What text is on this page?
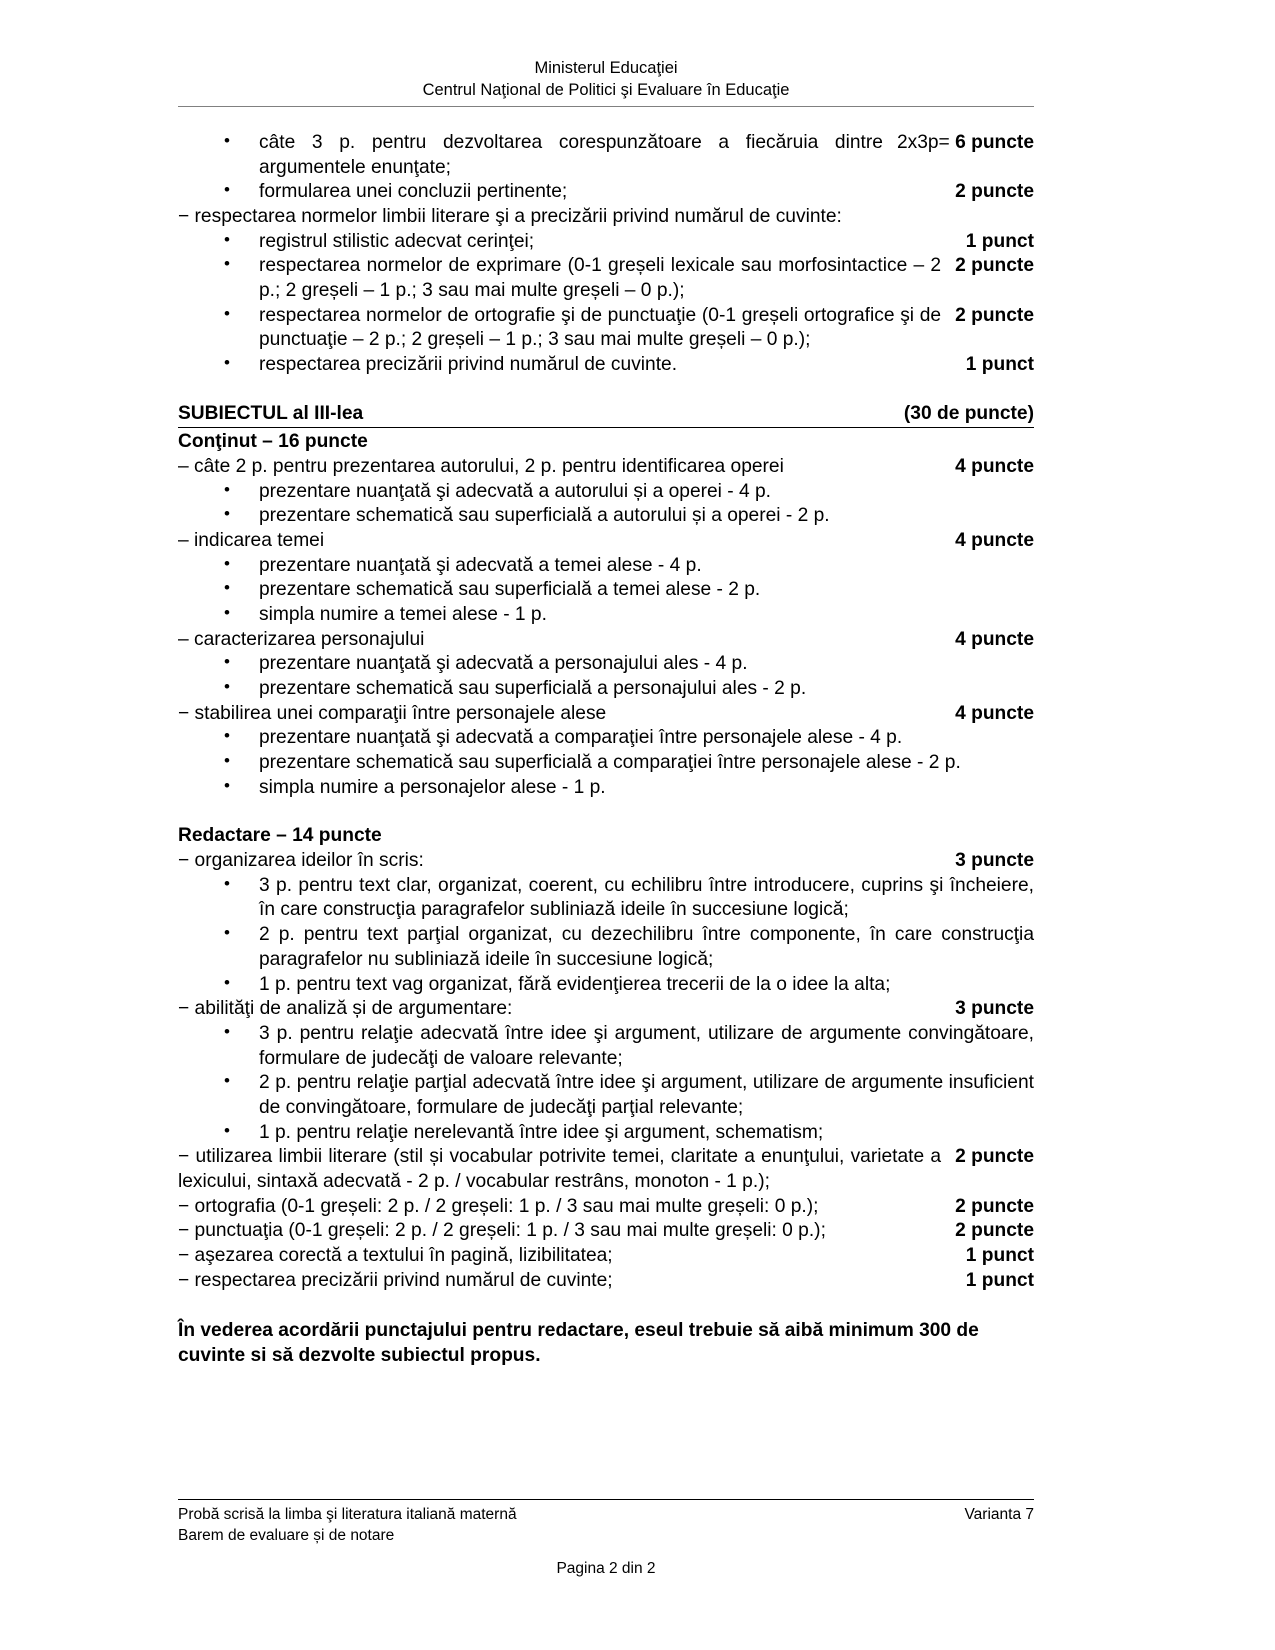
Ministerul Educaţiei
Centrul Naţional de Politici şi Evaluare în Educaţie
• 2x3p= 6 puncte
câte 3 p. pentru dezvoltarea corespunzătoare a fiecăruia dintre argumentele enunţate;
• 2 puncte
formularea unei concluzii pertinente;
− respectarea normelor limbii literare şi a precizării privind numărul de cuvinte:
• 1 punct
registrul stilistic adecvat cerinţei;
• 2 puncte
respectarea normelor de exprimare (0-1 greșeli lexicale sau morfosintactice – 2 p.; 2 greșeli – 1 p.; 3 sau mai multe greșeli – 0 p.);
• 2 puncte
respectarea normelor de ortografie şi de punctuaţie (0-1 greșeli ortografice şi de punctuaţie – 2 p.; 2 greșeli – 1 p.; 3 sau mai multe greșeli – 0 p.);
• 1 punct
respectarea precizării privind numărul de cuvinte.
(30 de puncte)
SUBIECTUL al III-lea
Conţinut – 16 puncte
4 puncte
– câte 2 p. pentru prezentarea autorului, 2 p. pentru identificarea operei
• prezentare nuanţată şi adecvată a autorului și a operei - 4 p.
• prezentare schematică sau superficială a autorului și a operei - 2 p.
4 puncte
– indicarea temei
• prezentare nuanţată şi adecvată a temei alese - 4 p.
• prezentare schematică sau superficială a temei alese - 2 p.
• simpla numire a temei alese - 1 p.
4 puncte
– caracterizarea personajului
• prezentare nuanţată şi adecvată a personajului ales - 4 p.
• prezentare schematică sau superficială a personajului ales - 2 p.
4 puncte
− stabilirea unei comparaţii între personajele alese
• prezentare nuanţată şi adecvată a comparaţiei între personajele alese - 4 p.
• prezentare schematică sau superficială a comparaţiei între personajele alese - 2 p.
• simpla numire a personajelor alese - 1 p.
Redactare – 14 puncte
3 puncte
− organizarea ideilor în scris:
• 3 p. pentru text clar, organizat, coerent, cu echilibru între introducere, cuprins şi încheiere, în care construcţia paragrafelor subliniază ideile în succesiune logică;
• 2 p. pentru text parţial organizat, cu dezechilibru între componente, în care construcţia paragrafelor nu subliniază ideile în succesiune logică;
• 1 p. pentru text vag organizat, fără evidenţierea trecerii de la o idee la alta;
3 puncte
− abilităţi de analiză și de argumentare:
• 3 p. pentru relaţie adecvată între idee şi argument, utilizare de argumente convingătoare, formulare de judecăţi de valoare relevante;
• 2 p. pentru relaţie parţial adecvată între idee şi argument, utilizare de argumente insuficient de convingătoare, formulare de judecăţi parţial relevante;
• 1 p. pentru relaţie nerelevantă între idee şi argument, schematism;
2 puncte
− utilizarea limbii literare (stil și vocabular potrivite temei, claritate a enunţului, varietate a lexicului, sintaxă adecvată - 2 p. / vocabular restrâns, monoton - 1 p.);
2 puncte
− ortografia (0-1 greșeli: 2 p. / 2 greșeli: 1 p. / 3 sau mai multe greșeli: 0 p.);
2 puncte
− punctuaţia (0-1 greșeli: 2 p. / 2 greșeli: 1 p. / 3 sau mai multe greșeli: 0 p.);
1 punct
− aşezarea corectă a textului în pagină, lizibilitatea;
1 punct
− respectarea precizării privind numărul de cuvinte;
În vederea acordării punctajului pentru redactare, eseul trebuie să aibă minimum 300 de cuvinte si să dezvolte subiectul propus.
Probă scrisă la limba şi literatura italiană maternă
Barem de evaluare și de notare
Varianta 7
Pagina 2 din 2
